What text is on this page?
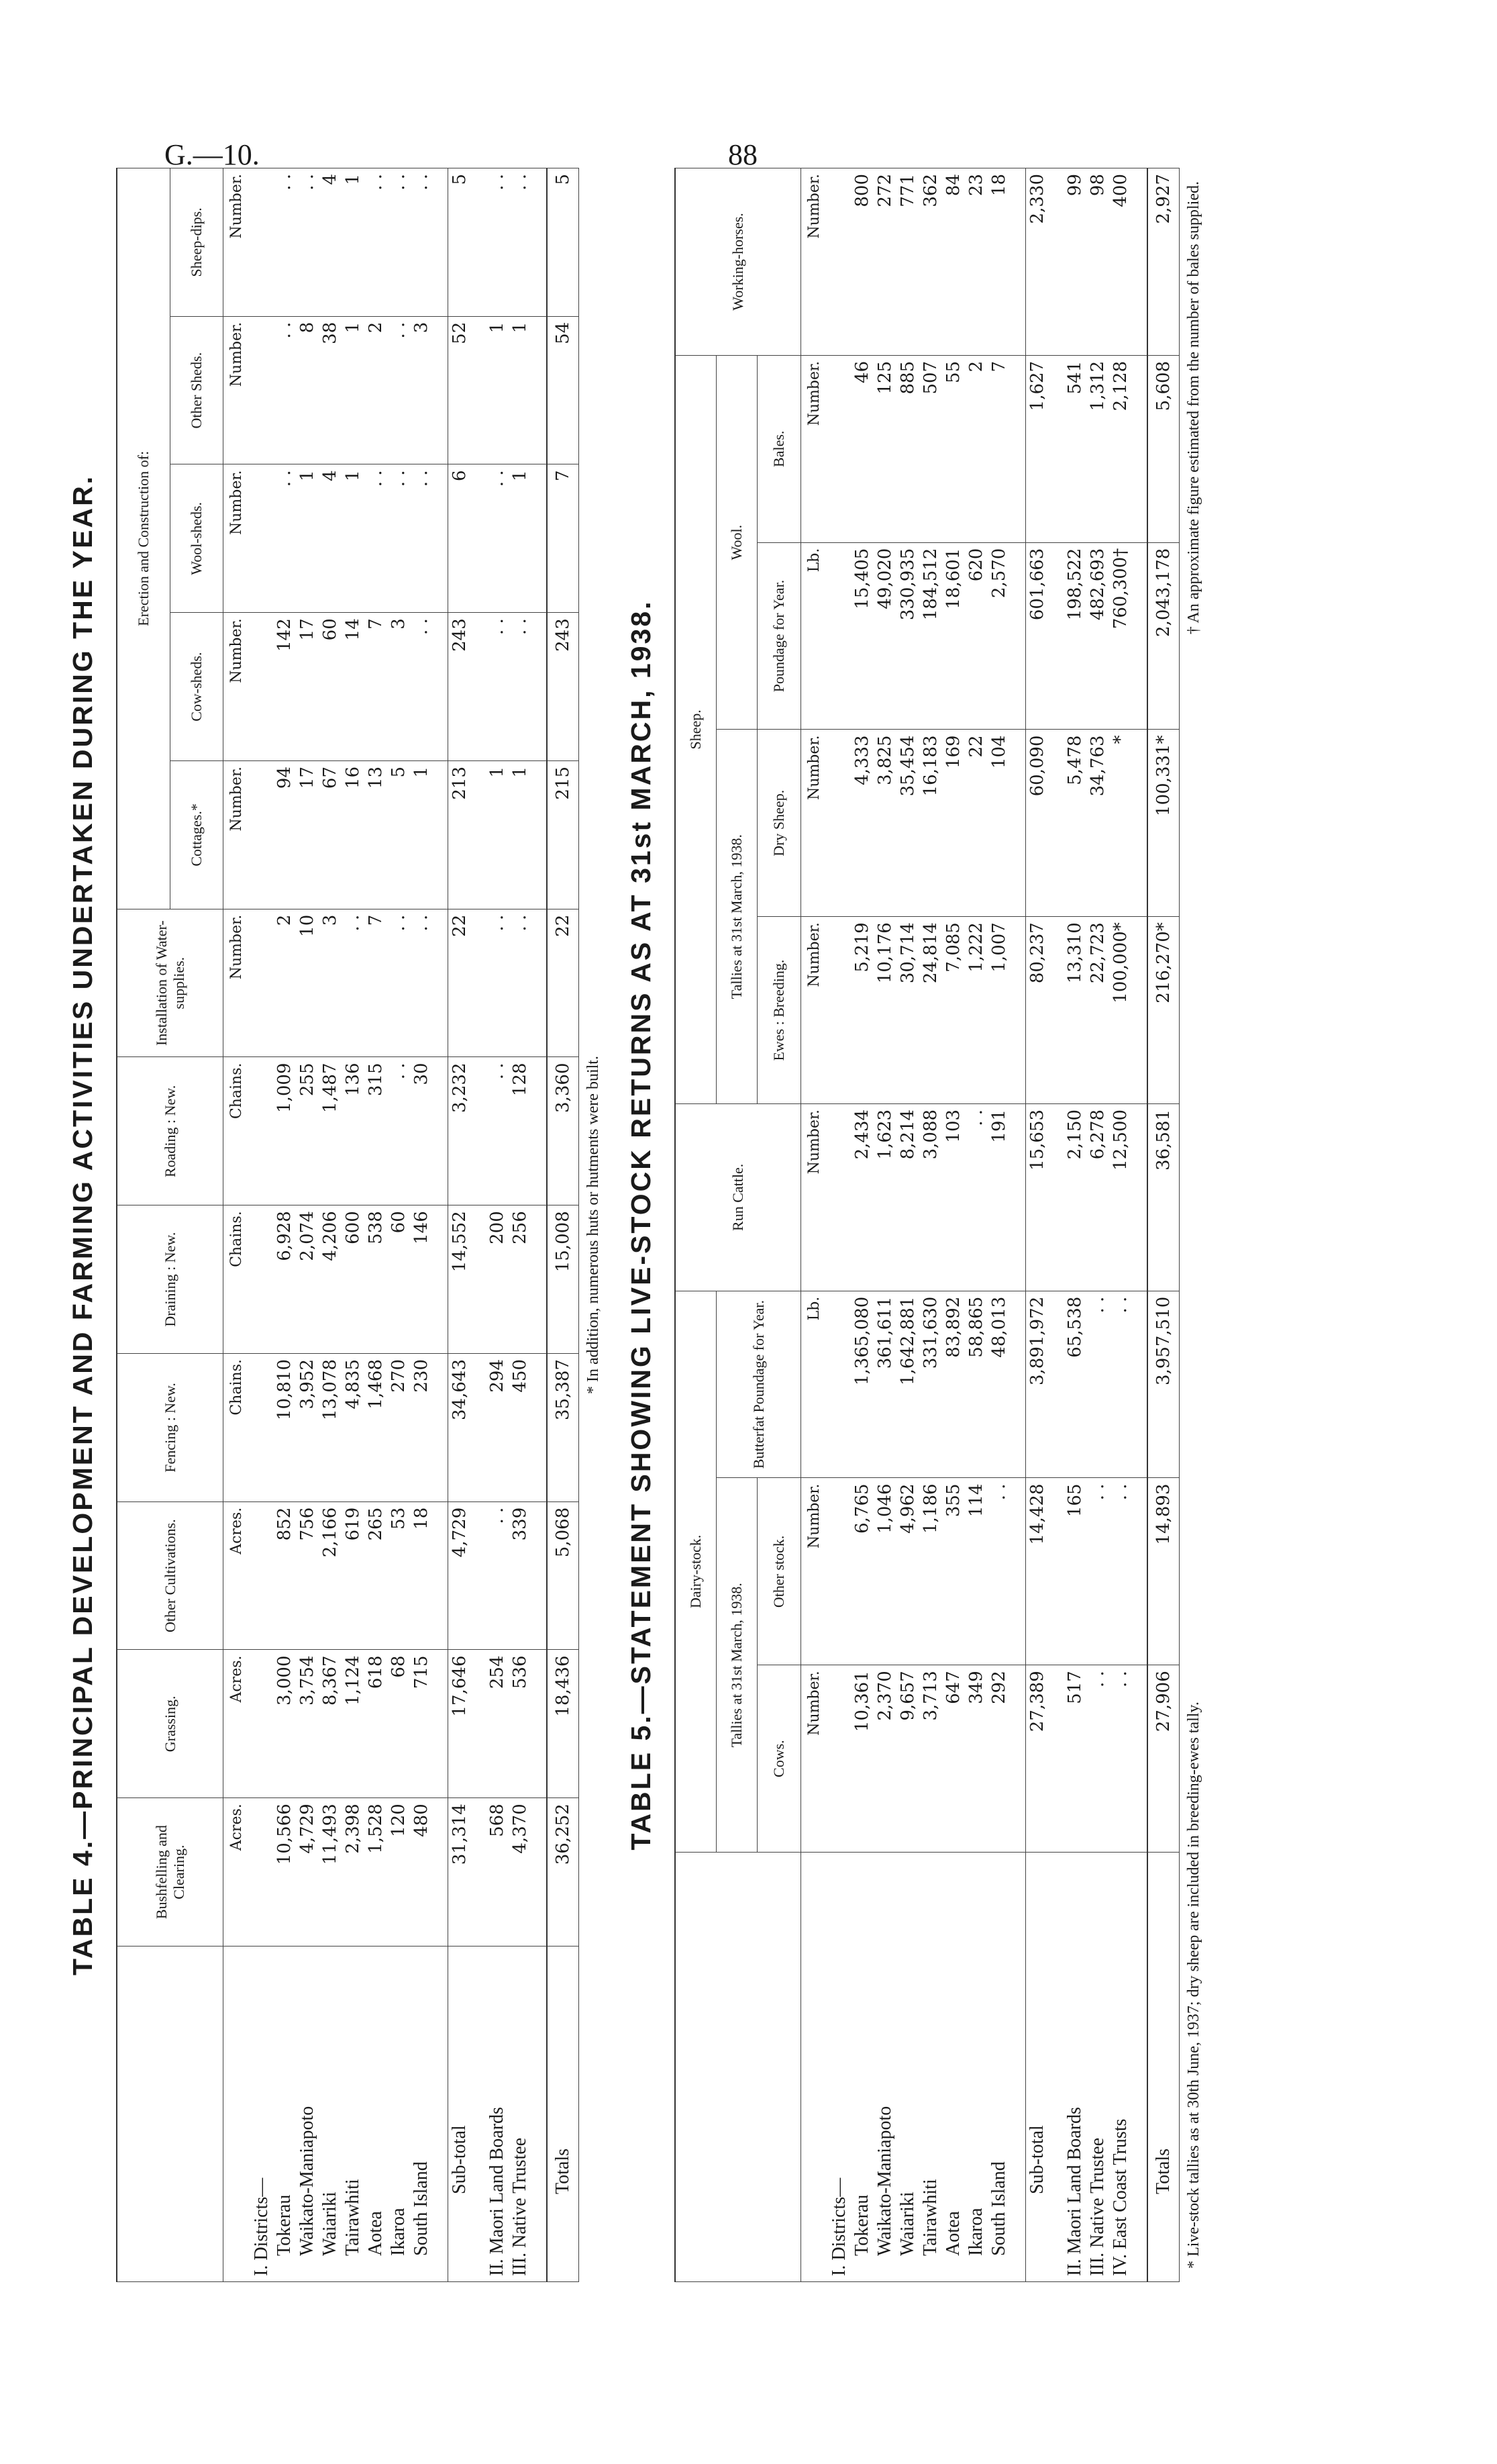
G.—10.	88
TABLE 4.—PRINCIPAL DEVELOPMENT AND FARMING ACTIVITIES UNDERTAKEN DURING THE YEAR.
		Bushfelling and Clearing.	Grassing.	Other Cultivations.	Fencing : New.	Draining : New.	Roading : New.	Installation of Water-supplies.	Erection and Construction of:				
								Cottages.*	Cow-sheds.	Wool-sheds.	Other Sheds.	Sheep-dips.
	Acres.	Acres.	Acres.	Chains.	Chains.	Chains.	Number.	Number.	Number.	Number.	Number.	Number.
I. Districts—												
Tokerau	10,566	3,000	852	10,810	6,928	1,009	2	94	142	. .	. .	. .
Waikato-Maniapoto	4,729	3,754	756	3,952	2,074	255	10	17	17	1	8	. .
Waiariki	11,493	8,367	2,166	13,078	4,206	1,487	3	67	60	4	38	4
Tairawhiti	2,398	1,124	619	4,835	600	136	. .	16	14	1	1	1
Aotea	1,528	618	265	1,468	538	315	7	13	7	. .	2	. .
Ikaroa	120	68	53	270	60	. .	. .	5	3	. .	. .	. .
South Island	480	715	18	230	146	30	. .	1	. .	. .	3	. .

Sub-total	31,314	17,646	4,729	34,643	14,552	3,232	22	213	243	6	52	5

II. Maori Land Boards	568	254	. .	294	200	. .	. .	1	. .	. .	1	. .
III. Native Trustee	4,370	536	339	450	256	128	. .	1	. .	1	1	. .

Totals	36,252	18,436	5,068	35,387	15,008	3,360	22	215	243	7	54	5

* In addition, numerous huts or hutments were built. TABLE 5.—STATEMENT SHOWING LIVE-STOCK RETURNS AS AT 31st MARCH, 1938.
	Dairy-stock.			Run Cattle.	Sheep.				Working-horses.
	Tallies at 31st March, 1938.		Butterfat Poundage for Year.		Tallies at 31st March, 1938.		Wool.		
	Cows.	Other stock.			Ewes : Breeding.	Dry Sheep.	Poundage for Year.	Bales.	
	Number.	Number.	Lb.	Number.	Number.	Number.	Lb.	Number.	Number.
I. Districts—									
Tokerau	10,361	6,765	1,365,080	2,434	5,219	4,333	15,405	46	800
Waikato-Maniapoto	2,370	1,046	361,611	1,623	10,176	3,825	49,020	125	272
Waiariki	9,657	4,962	1,642,881	8,214	30,714	35,454	330,935	885	771
Tairawhiti	3,713	1,186	331,630	3,088	24,814	16,183	184,512	507	362
Aotea	647	355	83,892	103	7,085	169	18,601	55	84
Ikaroa	349	114	58,865	. .	1,222	22	620	2	23
South Island	292	. .	48,013	191	1,007	104	2,570	7	18

Sub-total	27,389	14,428	3,891,972	15,653	80,237	60,090	601,663	1,627	2,330

II. Maori Land Boards	517	165	65,538	2,150	13,310	5,478	198,522	541	99
III. Native Trustee	. .	. .	. .	6,278	22,723	34,763	482,693	1,312	98
IV. East Coast Trusts	. .	. .	. .	12,500	100,000*	*	760,300†	2,128	400

Totals	27,906	14,893	3,957,510	36,581	216,270*	100,331*	2,043,178	5,608	2,927
* Live-stock tallies as at 30th June, 1937; dry sheep are included in breeding-ewes tally.
† An approximate figure estimated from the number of bales supplied.
